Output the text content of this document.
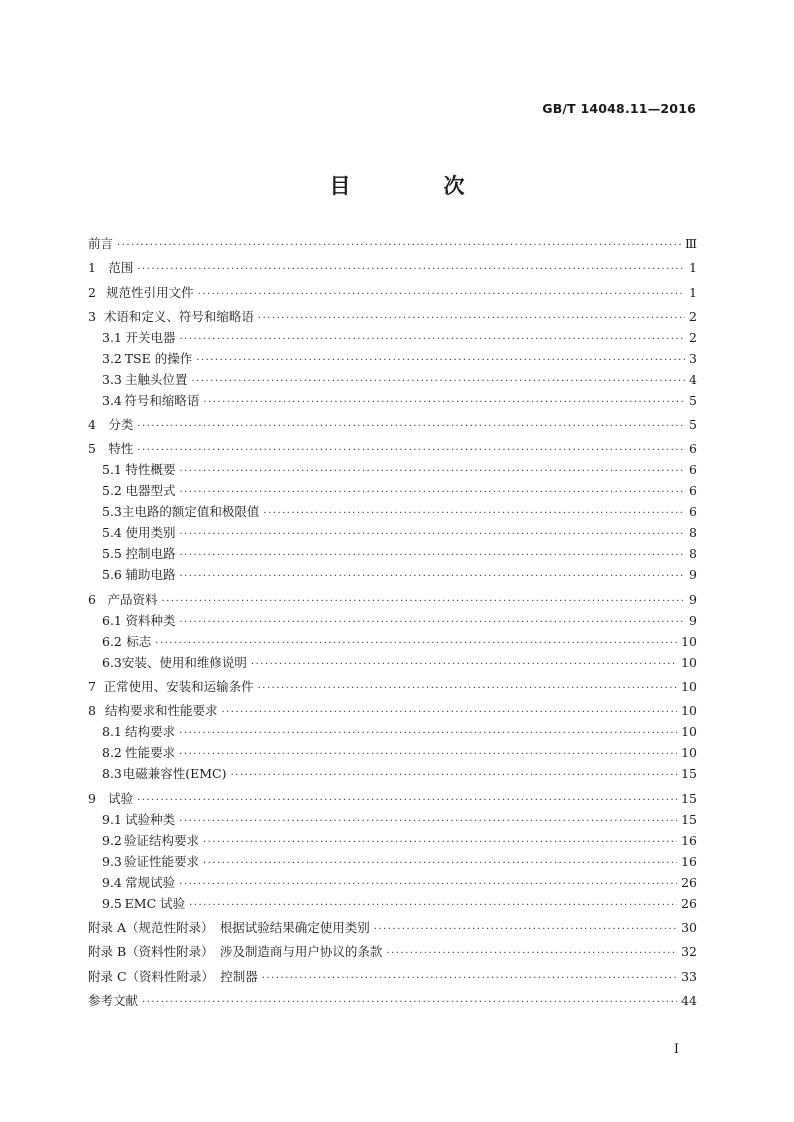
GB/T 14048.11—2016
目　次
前言 ·····	Ⅲ
1 范围 ·····	1
2 规范性引用文件 ·····	1
3 术语和定义、符号和缩略语 ·····	2
3.1 开关电器 ·····	2
3.2 TSE 的操作 ·····	3
3.3 主触头位置 ·····	4
3.4 符号和缩略语 ·····	5
4 分类 ·····	5
5 特性 ·····	6
5.1 特性概要 ·····	6
5.2 电器型式 ·····	6
5.3 主电路的额定值和极限值 ·····	6
5.4 使用类别 ·····	8
5.5 控制电路 ·····	8
5.6 辅助电路 ·····	9
6 产品资料 ·····	9
6.1 资料种类 ·····	9
6.2 标志 ·····	10
6.3 安装、使用和维修说明 ·····	10
7 正常使用、安装和运输条件 ·····	10
8 结构要求和性能要求 ·····	10
8.1 结构要求 ·····	10
8.2 性能要求 ·····	10
8.3 电磁兼容性(EMC) ·····	15
9 试验 ·····	15
9.1 试验种类 ·····	15
9.2 验证结构要求 ·····	16
9.3 验证性能要求 ·····	16
9.4 常规试验 ·····	26
9.5 EMC 试验 ·····	26
附录 A（规范性附录）　根据试验结果确定使用类别 ·····	30
附录 B（资料性附录）　涉及制造商与用户协议的条款 ·····	32
附录 C（资料性附录）　控制器 ·····	33
参考文献 ·····	44
I
